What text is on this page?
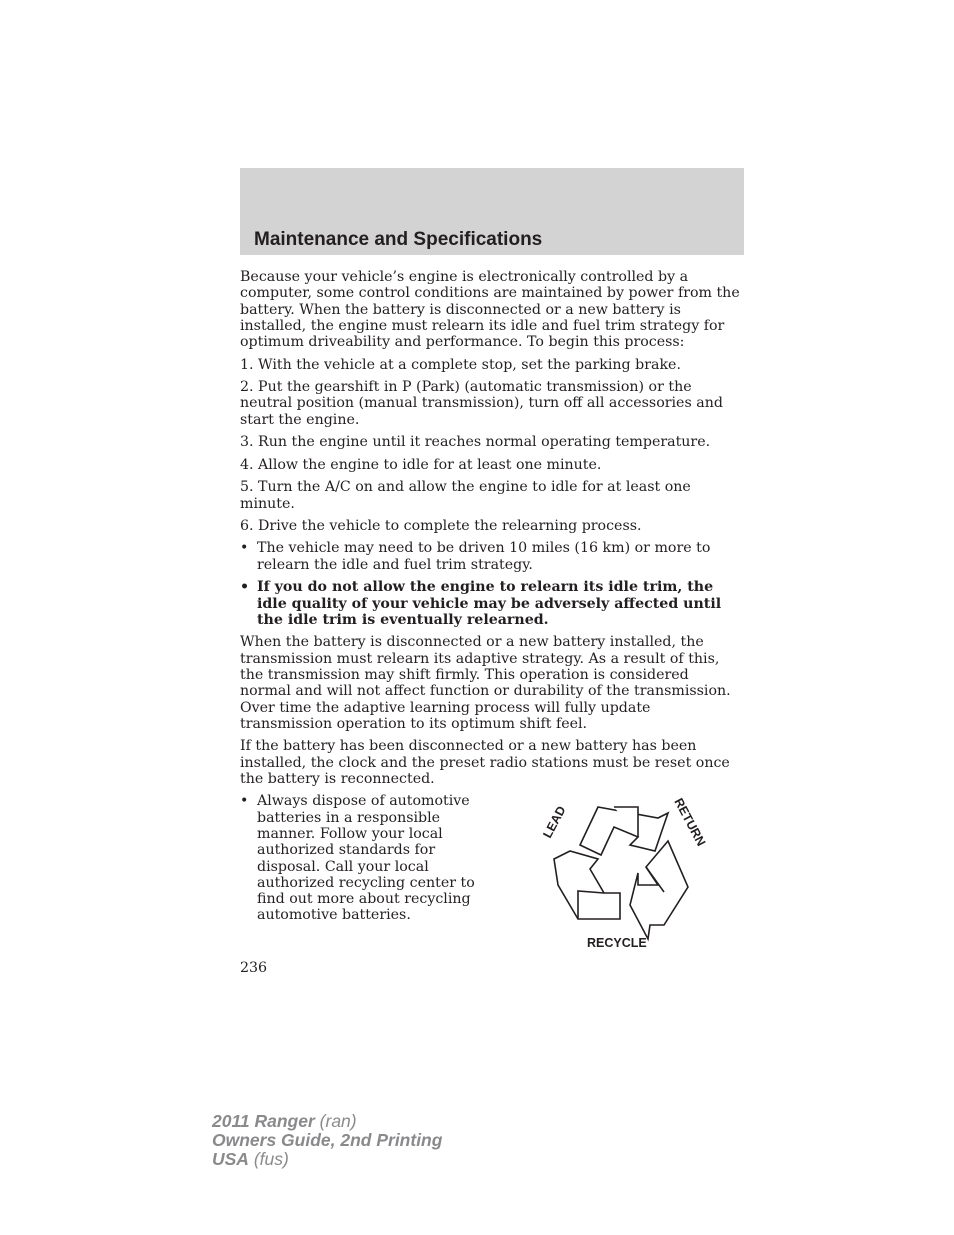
Maintenance and Specifications

Because your vehicle’s engine is electronically controlled by a computer, some control conditions are maintained by power from the battery. When the battery is disconnected or a new battery is installed, the engine must relearn its idle and fuel trim strategy for optimum driveability and performance. To begin this process:

1. With the vehicle at a complete stop, set the parking brake.

2. Put the gearshift in P (Park) (automatic transmission) or the neutral position (manual transmission), turn off all accessories and start the engine.

3. Run the engine until it reaches normal operating temperature.

4. Allow the engine to idle for at least one minute.

5. Turn the A/C on and allow the engine to idle for at least one minute.

6. Drive the vehicle to complete the relearning process.

• The vehicle may need to be driven 10 miles (16 km) or more to relearn the idle and fuel trim strategy.
• If you do not allow the engine to relearn its idle trim, the idle quality of your vehicle may be adversely affected until the idle trim is eventually relearned.

When the battery is disconnected or a new battery installed, the transmission must relearn its adaptive strategy. As a result of this, the transmission may shift firmly. This operation is considered normal and will not affect function or durability of the transmission. Over time the adaptive learning process will fully update transmission operation to its optimum shift feel.

If the battery has been disconnected or a new battery has been installed, the clock and the preset radio stations must be reset once the battery is reconnected.

• Always dispose of automotive batteries in a responsible manner. Follow your local authorized standards for disposal. Call your local authorized recycling center to find out more about recycling automotive batteries.
LEAD	RETURN
RECYCLE
236
2011 Ranger (ran)
Owners Guide, 2nd Printing
USA (fus)
